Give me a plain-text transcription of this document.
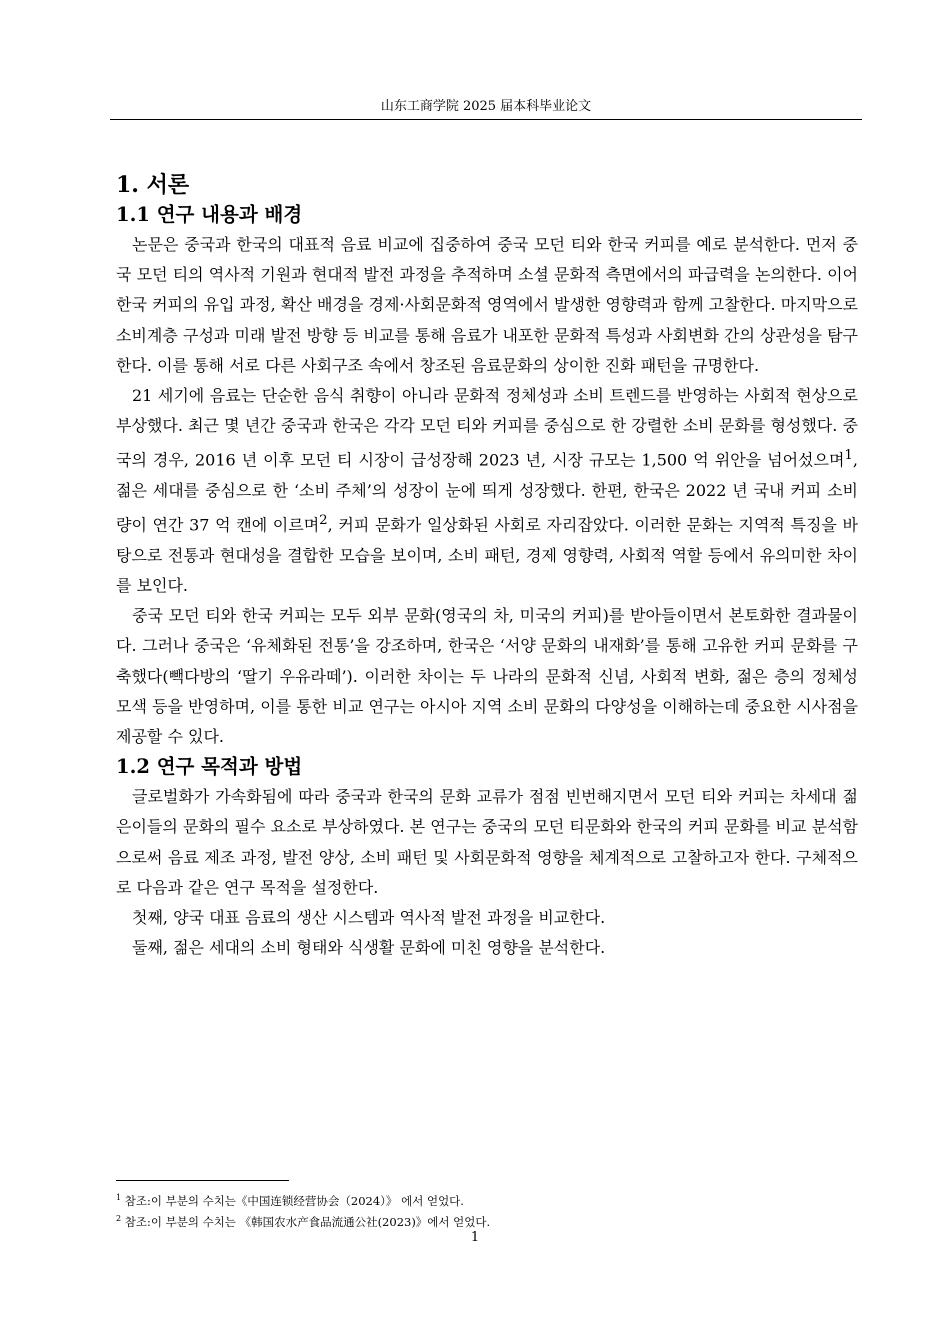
山东工商学院 2025 届本科毕业论文
1. 서론
1.1 연구 내용과 배경

논문은 중국과 한국의 대표적 음료 비교에 집중하여 중국 모던 티와 한국 커피를 예로 분석한다. 먼저 중국 모던 티의 역사적 기원과 현대적 발전 과정을 추적하며 소셜 문화적 측면에서의 파급력을 논의한다. 이어 한국 커피의 유입 과정, 확산 배경을 경제·사회문화적 영역에서 발생한 영향력과 함께 고찰한다. 마지막으로 소비계층 구성과 미래 발전 방향 등 비교를 통해 음료가 내포한 문화적 특성과 사회변화 간의 상관성을 탐구한다. 이를 통해 서로 다른 사회구조 속에서 창조된 음료문화의 상이한 진화 패턴을 규명한다.

21 세기에 음료는 단순한 음식 취향이 아니라 문화적 정체성과 소비 트렌드를 반영하는 사회적 현상으로 부상했다. 최근 몇 년간 중국과 한국은 각각 모던 티와 커피를 중심으로 한 강렬한 소비 문화를 형성했다. 중국의 경우, 2016 년 이후 모던 티 시장이 급성장해 2023 년, 시장 규모는 1,500 억 위안을 넘어섰으며$^1$, 젊은 세대를 중심으로 한 ‘소비 주체’의 성장이 눈에 띄게 성장했다. 한편, 한국은 2022 년 국내 커피 소비량이 연간 37 억 캔에 이르며$^2$, 커피 문화가 일상화된 사회로 자리잡았다. 이러한 문화는 지역적 특징을 바탕으로 전통과 현대성을 결합한 모습을 보이며, 소비 패턴, 경제 영향력, 사회적 역할 등에서 유의미한 차이를 보인다.

중국 모던 티와 한국 커피는 모두 외부 문화(영국의 차, 미국의 커피)를 받아들이면서 본토화한 결과물이다. 그러나 중국은 ‘유체화된 전통’을 강조하며, 한국은 ‘서양 문화의 내재화’를 통해 고유한 커피 문화를 구축했다(빽다방의 ‘딸기 우유라떼’). 이러한 차이는 두 나라의 문화적 신념, 사회적 변화, 젊은 층의 정체성 모색 등을 반영하며, 이를 통한 비교 연구는 아시아 지역 소비 문화의 다양성을 이해하는데 중요한 시사점을 제공할 수 있다.

1.2 연구 목적과 방법

글로벌화가 가속화됨에 따라 중국과 한국의 문화 교류가 점점 빈번해지면서 모던 티와 커피는 차세대 젊은이들의 문화의 필수 요소로 부상하였다. 본 연구는 중국의 모던 티문화와 한국의 커피 문화를 비교 분석함으로써 음료 제조 과정, 발전 양상, 소비 패턴 및 사회문화적 영향을 체계적으로 고찰하고자 한다. 구체적으로 다음과 같은 연구 목적을 설정한다.

첫째, 양국 대표 음료의 생산 시스템과 역사적 발전 과정을 비교한다.

둘째, 젊은 세대의 소비 형태와 식생활 문화에 미친 영향을 분석한다.

$^1$ 참조:이 부분의 수치는《中国连锁经营协会（2024）》 에서 얻었다.

$^2$ 참조:이 부분의 수치는 《韩国农水产食品流通公社(2023)》에서 얻었다.

1
